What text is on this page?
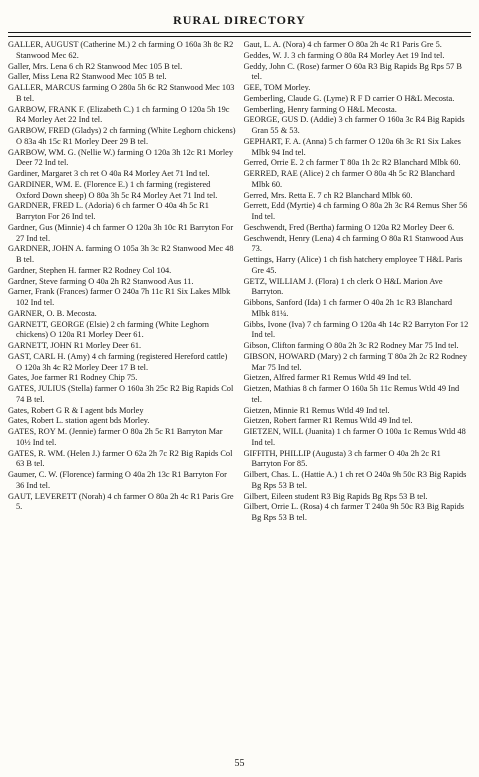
RURAL DIRECTORY

GALLER, AUGUST (Catherine M.) 2 ch farming O 160a 3h 8c R2 Stanwood Mec 62.

Galler, Mrs. Lena 6 ch R2 Stanwood Mec 105 B tel.

Galler, Miss Lena R2 Stanwood Mec 105 B tel.

GALLER, MARCUS farming O 280a 5h 6c R2 Stanwood Mec 103 B tel.

GARBOW, FRANK F. (Elizabeth C.) 1 ch farming O 120a 5h 19c R4 Morley Aet 22 Ind tel.

GARBOW, FRED (Gladys) 2 ch farming (White Leghorn chickens) O 83a 4h 15c R1 Morley Deer 29 B tel.

GARBOW, WM. G. (Nellie W.) farming O 120a 3h 12c R1 Morley Deer 72 Ind tel.

Gardiner, Margaret 3 ch ret O 40a R4 Morley Aet 71 Ind tel.

GARDINER, WM. E. (Florence E.) 1 ch farming (registered Oxford Down sheep) O 80a 3h 5c R4 Morley Aet 71 Ind tel.

GARDNER, FRED L. (Adoria) 6 ch farmer O 40a 4h 5c R1 Barryton For 26 Ind tel.

Gardner, Gus (Minnie) 4 ch farmer O 120a 3h 10c R1 Barryton For 27 Ind tel.

GARDNER, JOHN A. farming O 105a 3h 3c R2 Stanwood Mec 48 B tel.

Gardner, Stephen H. farmer R2 Rodney Col 104.

Gardner, Steve farming O 40a 2h R2 Stanwood Aus 11.

Garner, Frank (Frances) farmer O 240a 7h 11c R1 Six Lakes Mlbk 102 Ind tel.

GARNER, O. B. Mecosta.

GARNETT, GEORGE (Elsie) 2 ch farming (White Leghorn chickens) O 120a R1 Morley Deer 61.

GARNETT, JOHN R1 Morley Deer 61.

GAST, CARL H. (Amy) 4 ch farming (registered Hereford cattle) O 120a 3h 4c R2 Morley Deer 17 B tel.

Gates, Joe farmer R1 Rodney Chip 75.

GATES, JULIUS (Stella) farmer O 160a 3h 25c R2 Big Rapids Col 74 B tel.

Gates, Robert G R & I agent bds Morley

Gates, Robert L. station agent bds Morley.

GATES, ROY M. (Jennie) farmer O 80a 2h 5c R1 Barryton Mar 10½ Ind tel.

GATES, R. WM. (Helen J.) farmer O 62a 2h 7c R2 Big Rapids Col 63 B tel.

Gaumer, C. W. (Florence) farming O 40a 2h 13c R1 Barryton For 36 Ind tel.

GAUT, LEVERETT (Norah) 4 ch farmer O 80a 2h 4c R1 Paris Gre 5.

Gaut, L. A. (Nora) 4 ch farmer O 80a 2h 4c R1 Paris Gre 5.

Geddes, W. J. 3 ch farming O 80a R4 Morley Aet 19 Ind tel.

Geddy, John C. (Rose) farmer O 60a R3 Big Rapids Bg Rps 57 B tel.

GEE, TOM Morley.

Gemberling, Claude G. (Lyme) R F D carrier O H&L Mecosta.

Gemberling, Henry farming O H&L Mecosta.

GEORGE, GUS D. (Addie) 3 ch farmer O 160a 3c R4 Big Rapids Gran 55 & 53.

GEPHART, F. A. (Anna) 5 ch farmer O 120a 6h 3c R1 Six Lakes Mlbk 94 Ind tel.

Gerred, Orrie E. 2 ch farmer T 80a 1h 2c R2 Blanchard Mlbk 60.

GERRED, RAE (Alice) 2 ch farmer O 80a 4h 5c R2 Blanchard Mlbk 60.

Gerred, Mrs. Retta E. 7 ch R2 Blanchard Mlbk 60.

Gerrett, Edd (Myrtie) 4 ch farming O 80a 2h 3c R4 Remus Sher 56 Ind tel.

Geschwendt, Fred (Bertha) farming O 120a R2 Morley Deer 6.

Geschwendt, Henry (Lena) 4 ch farming O 80a R1 Stanwood Aus 73.

Gettings, Harry (Alice) 1 ch fish hatchery employee T H&L Paris Gre 45.

GETZ, WILLIAM J. (Flora) 1 ch clerk O H&L Marion Ave Barryton.

Gibbons, Sanford (Ida) 1 ch farmer O 40a 2h 1c R3 Blanchard Mlbk 81¼.

Gibbs, Ivone (Iva) 7 ch farming O 120a 4h 14c R2 Barryton For 12 Ind tel.

Gibson, Clifton farming O 80a 2h 3c R2 Rodney Mar 75 Ind tel.

GIBSON, HOWARD (Mary) 2 ch farming T 80a 2h 2c R2 Rodney Mar 75 Ind tel.

Gietzen, Alfred farmer R1 Remus Wtld 49 Ind tel.

Gietzen, Mathias 8 ch farmer O 160a 5h 11c Remus Wtld 49 Ind tel.

Gietzen, Minnie R1 Remus Wtld 49 Ind tel.

Gietzen, Robert farmer R1 Remus Wtld 49 Ind tel.

GIETZEN, WILL (Juanita) 1 ch farmer O 100a 1c Remus Wtld 48 Ind tel.

GIFFITH, PHILLIP (Augusta) 3 ch farmer O 40a 2h 2c R1 Barryton For 85.

Gilbert, Chas. L. (Hattie A.) 1 ch ret O 240a 9h 50c R3 Big Rapids Bg Rps 53 B tel.

Gilbert, Eileen student R3 Big Rapids Bg Rps 53 B tel.

Gilbert, Orrie L. (Rosa) 4 ch farmer T 240a 9h 50c R3 Big Rapids Bg Rps 53 B tel.

55
